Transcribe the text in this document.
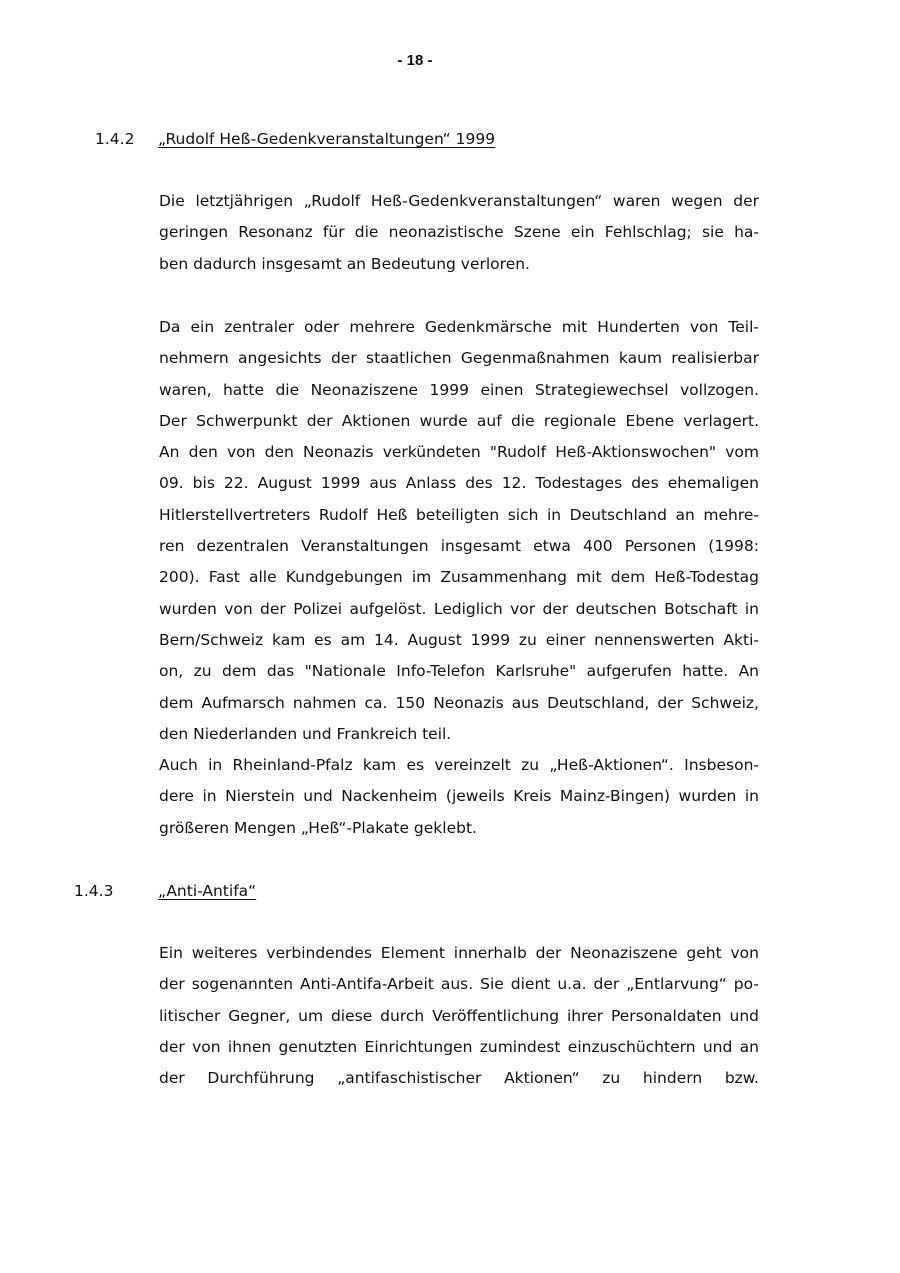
- 18 -
1.4.2 „Rudolf Heß-Gedenkveranstaltungen“ 1999
Die letztjährigen „Rudolf Heß-Gedenkveranstaltungen“ waren wegen der
geringen Resonanz für die neonazistische Szene ein Fehlschlag; sie ha-
ben dadurch insgesamt an Bedeutung verloren.
Da ein zentraler oder mehrere Gedenkmärsche mit Hunderten von Teil-
nehmern angesichts der staatlichen Gegenmaßnahmen kaum realisierbar
waren, hatte die Neonaziszene 1999 einen Strategiewechsel vollzogen.
Der Schwerpunkt der Aktionen wurde auf die regionale Ebene verlagert.
An den von den Neonazis verkündeten "Rudolf Heß-Aktionswochen" vom
09. bis 22. August 1999 aus Anlass des 12. Todestages des ehemaligen
Hitlerstellvertreters Rudolf Heß beteiligten sich in Deutschland an mehre-
ren dezentralen Veranstaltungen insgesamt etwa 400 Personen (1998:
200). Fast alle Kundgebungen im Zusammenhang mit dem Heß-Todestag
wurden von der Polizei aufgelöst. Lediglich vor der deutschen Botschaft in
Bern/Schweiz kam es am 14. August 1999 zu einer nennenswerten Akti-
on, zu dem das "Nationale Info-Telefon Karlsruhe" aufgerufen hatte. An
dem Aufmarsch nahmen ca. 150 Neonazis aus Deutschland, der Schweiz,
den Niederlanden und Frankreich teil.
Auch in Rheinland-Pfalz kam es vereinzelt zu „Heß-Aktionen“. Insbeson-
dere in Nierstein und Nackenheim (jeweils Kreis Mainz-Bingen) wurden in
größeren Mengen „Heß“-Plakate geklebt.
1.4.3	„Anti-Antifa“
Ein weiteres verbindendes Element innerhalb der Neonaziszene geht von
der sogenannten Anti-Antifa-Arbeit aus. Sie dient u.a. der „Entlarvung“ po-
litischer Gegner, um diese durch Veröffentlichung ihrer Personaldaten und
der von ihnen genutzten Einrichtungen zumindest einzuschüchtern und an
der Durchführung „antifaschistischer Aktionen“ zu hindern bzw.
